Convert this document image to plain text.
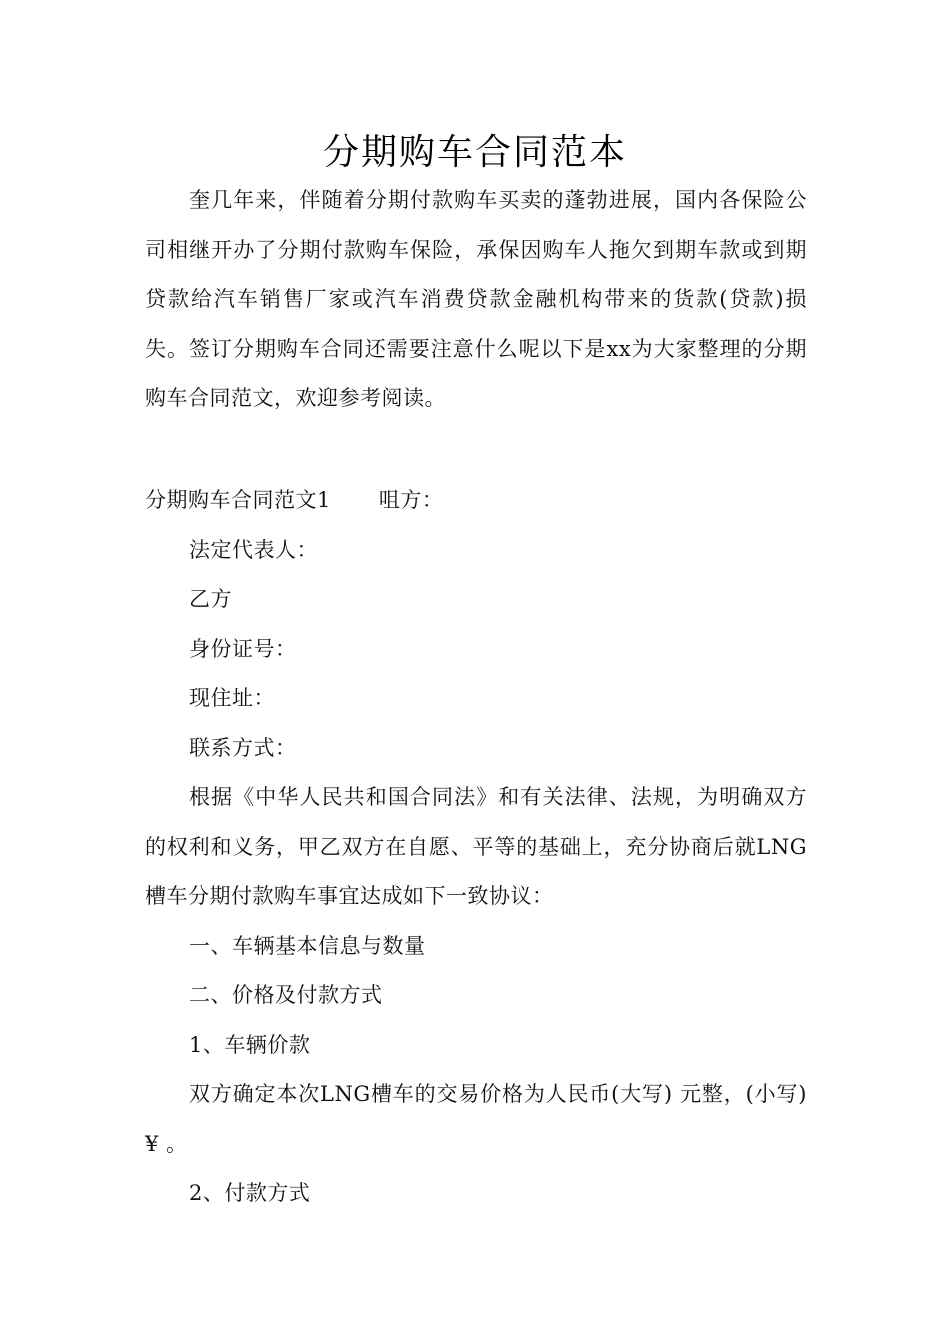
分期购车合同范本

奎几年来，伴随着分期付款购车买卖的蓬勃进展，国内各保险公司相继开办了分期付款购车保险，承保因购车人拖欠到期车款或到期贷款给汽车销售厂家或汽车消费贷款金融机构带来的货款(贷款)损失。签订分期购车合同还需要注意什么呢以下是xx为大家整理的分期购车合同范文，欢迎参考阅读。

分期购车合同范文1 咀方：

法定代表人：

乙方

身份证号：

现住址：

联系方式：

根据《中华人民共和国合同法》和有关法律、法规，为明确双方的权利和义务，甲乙双方在自愿、平等的基础上，充分协商后就LNG槽车分期付款购车事宜达成如下一致协议：

一、车辆基本信息与数量

二、价格及付款方式

1、车辆价款

双方确定本次LNG槽车的交易价格为人民币(大写) 元整，(小写)¥ 。

2、付款方式
